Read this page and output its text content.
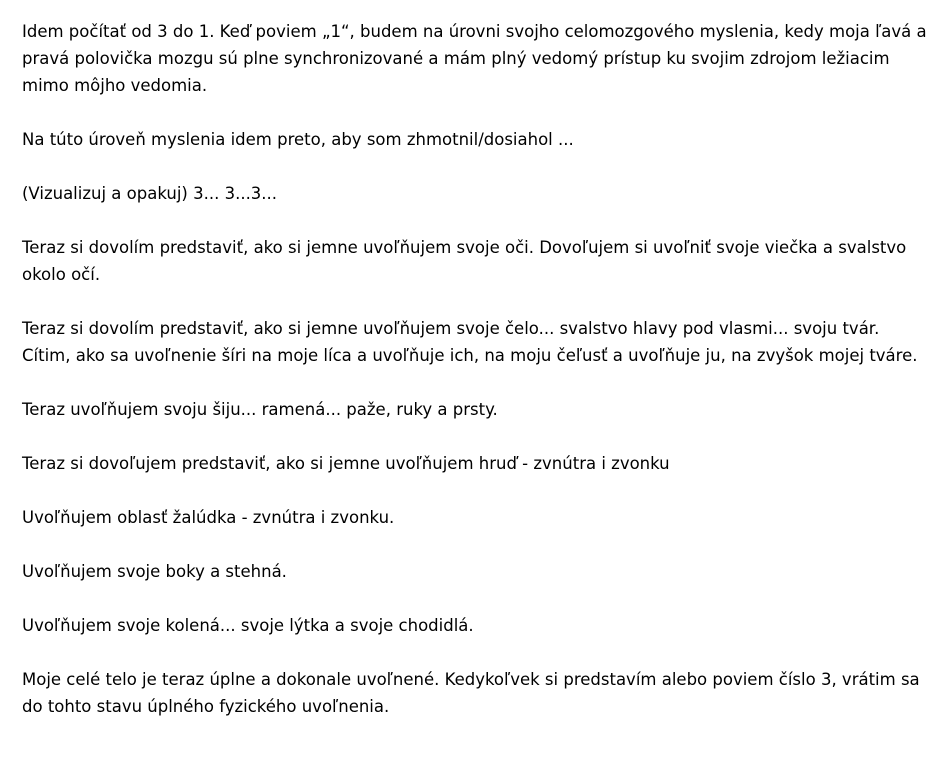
Idem počítať od 3 do 1. Keď poviem „1“, budem na úrovni svojho celomozgového myslenia, kedy moja ľavá a pravá polovička mozgu sú plne synchronizované a mám plný vedomý prístup ku svojim zdrojom ležiacim mimo môjho vedomia.

Na túto úroveň myslenia idem preto, aby som zhmotnil/dosiahol ...

(Vizualizuj a opakuj) 3... 3...3...

Teraz si dovolím predstaviť, ako si jemne uvoľňujem svoje oči. Dovoľujem si uvoľniť svoje viečka a svalstvo okolo očí.

Teraz si dovolím predstaviť, ako si jemne uvoľňujem svoje čelo... svalstvo hlavy pod vlasmi... svoju tvár. Cítim, ako sa uvoľnenie šíri na moje líca a uvoľňuje ich, na moju čeľusť a uvoľňuje ju, na zvyšok mojej tváre.

Teraz uvoľňujem svoju šiju... ramená... paže, ruky a prsty.

Teraz si dovoľujem predstaviť, ako si jemne uvoľňujem hruď - zvnútra i zvonku

Uvoľňujem oblasť žalúdka - zvnútra i zvonku.

Uvoľňujem svoje boky a stehná.

Uvoľňujem svoje kolená... svoje lýtka a svoje chodidlá.

Moje celé telo je teraz úplne a dokonale uvoľnené. Kedykoľvek si predstavím alebo poviem číslo 3, vrátim sa do tohto stavu úplného fyzického uvoľnenia.
